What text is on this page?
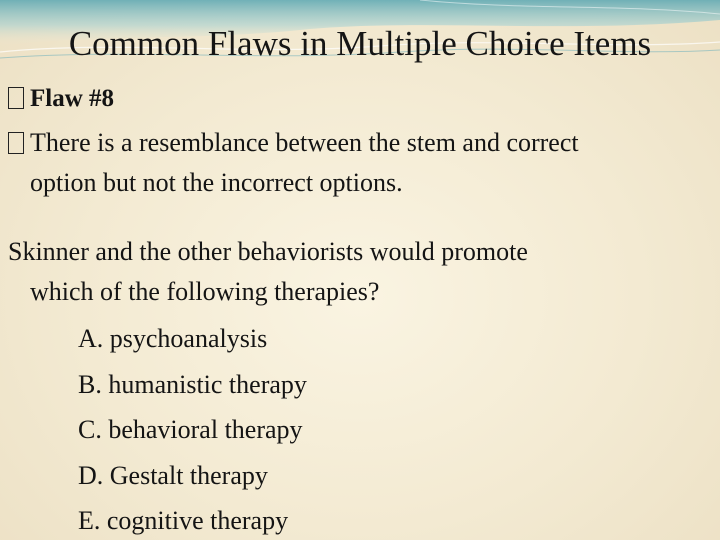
Common Flaws in Multiple Choice Items
Flaw #8
There is a resemblance between the stem and correct
option but not the incorrect options.
Skinner and the other behaviorists would promote
which of the following therapies?
A. psychoanalysis
B. humanistic therapy
C. behavioral therapy
D. Gestalt therapy
E. cognitive therapy
